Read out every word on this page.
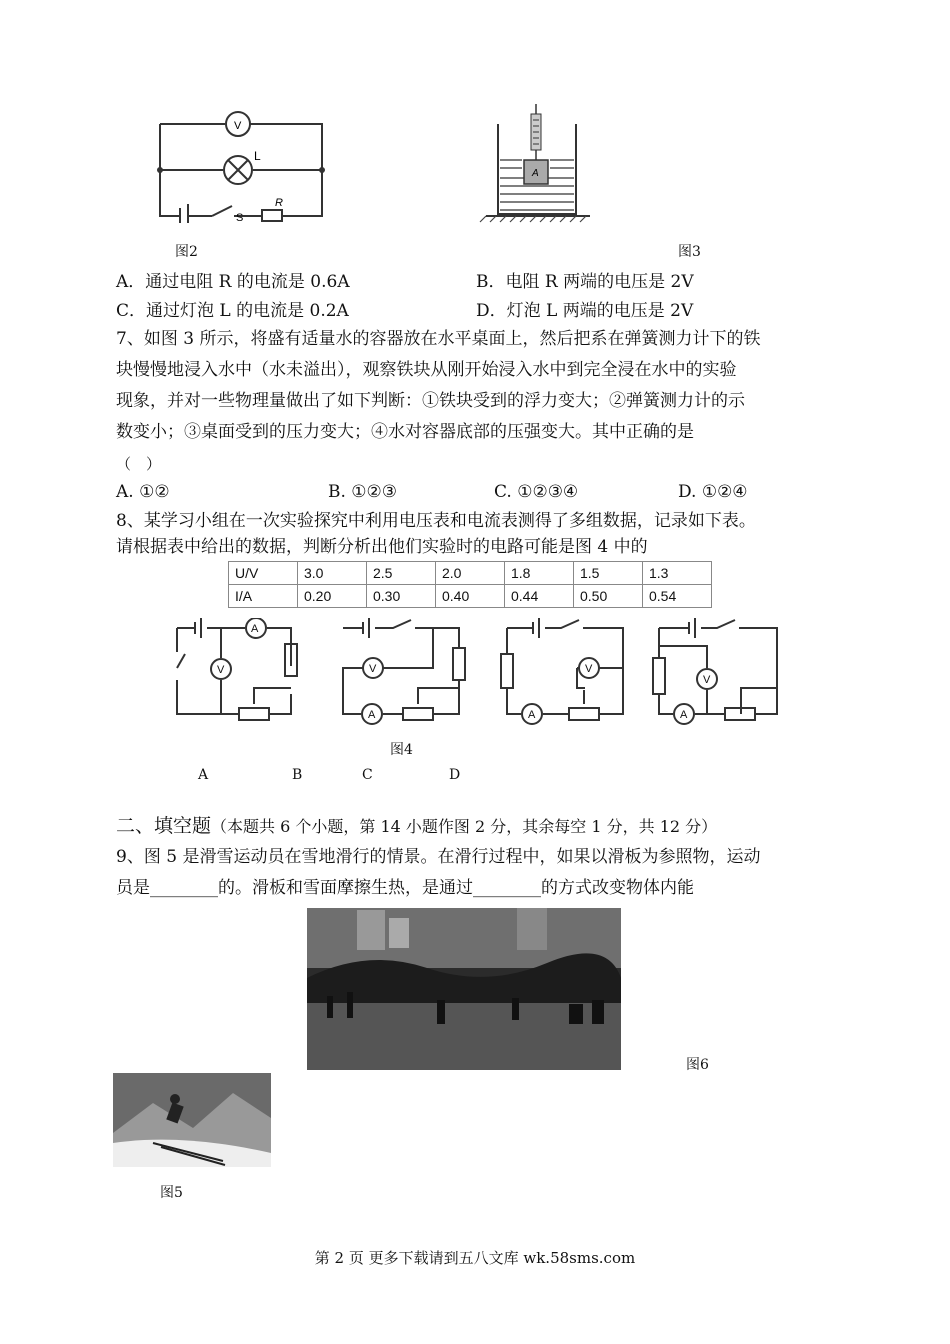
V
L
S
R
图2
A
图3
A．通过电阻 R 的电流是 0.6A	B．电阻 R 两端的电压是 2V
C．通过灯泡 L 的电流是 0.2A	D．灯泡 L 两端的电压是 2V
7、如图 3 所示，将盛有适量水的容器放在水平桌面上，然后把系在弹簧测力计下的铁
块慢慢地浸入水中（水未溢出），观察铁块从刚开始浸入水中到完全浸在水中的实验
现象，并对一些物理量做出了如下判断：①铁块受到的浮力变大；②弹簧测力计的示
数变小；③桌面受到的压力变大；④水对容器底部的压强变大。其中正确的是
（　）
A. ①②	B. ①②③	C. ①②③④	D. ①②④
8、某学习小组在一次实验探究中利用电压表和电流表测得了多组数据，记录如下表。
请根据表中给出的数据，判断分析出他们实验时的电路可能是图 4 中的
U/V	3.0	2.5	2.0	1.8	1.5	1.3
I/A	0.20	0.30	0.40	0.44	0.50	0.54
A
V	V
A
V
A
V
A
图4
A	B	C	D
二、填空题（本题共 6 个小题，第 14 小题作图 2 分，其余每空 1 分，共 12 分）
9、图 5 是滑雪运动员在雪地滑行的情景。在滑行过程中，如果以滑板为参照物，运动
员是________的。滑板和雪面摩擦生热，是通过________的方式改变物体内能
图6
图5
第 2 页 更多下载请到五八文库 wk.58sms.com
